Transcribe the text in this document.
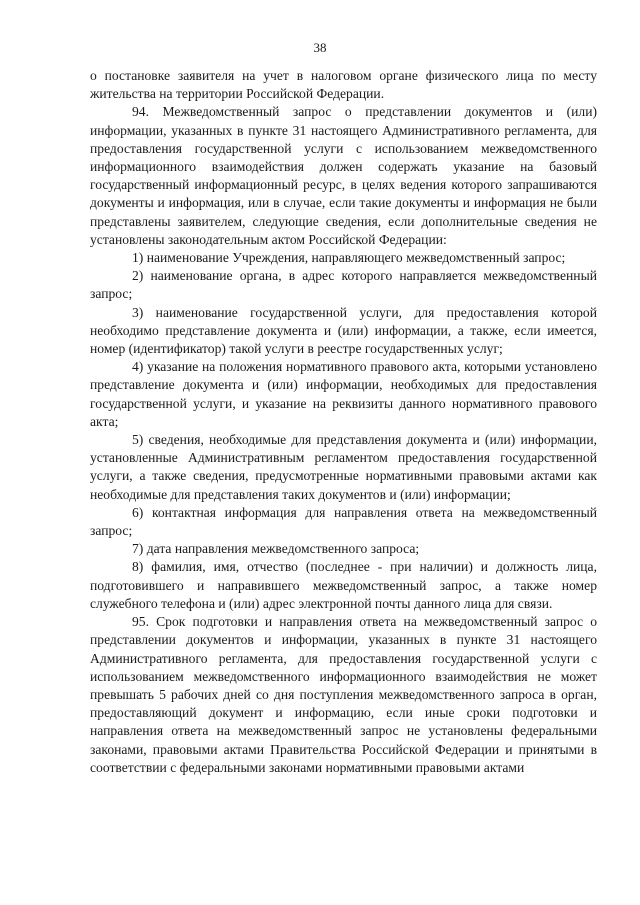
38

о постановке заявителя на учет в налоговом органе физического лица по месту жительства на территории Российской Федерации.

94. Межведомственный запрос о представлении документов и (или) информации, указанных в пункте 31 настоящего Административного регламента, для предоставления государственной услуги с использованием межведомственного информационного взаимодействия должен содержать указание на базовый государственный информационный ресурс, в целях ведения которого запрашиваются документы и информация, или в случае, если такие документы и информация не были представлены заявителем, следующие сведения, если дополнительные сведения не установлены законодательным актом Российской Федерации:

1) наименование Учреждения, направляющего межведомственный запрос;

2) наименование органа, в адрес которого направляется межведомственный запрос;

3) наименование государственной услуги, для предоставления которой необходимо представление документа и (или) информации, а также, если имеется, номер (идентификатор) такой услуги в реестре государственных услуг;

4) указание на положения нормативного правового акта, которыми установлено представление документа и (или) информации, необходимых для предоставления государственной услуги, и указание на реквизиты данного нормативного правового акта;

5) сведения, необходимые для представления документа и (или) информации, установленные Административным регламентом предоставления государственной услуги, а также сведения, предусмотренные нормативными правовыми актами как необходимые для представления таких документов и (или) информации;

6) контактная информация для направления ответа на межведомственный запрос;

7) дата направления межведомственного запроса;

8) фамилия, имя, отчество (последнее - при наличии) и должность лица, подготовившего и направившего межведомственный запрос, а также номер служебного телефона и (или) адрес электронной почты данного лица для связи.

95. Срок подготовки и направления ответа на межведомственный запрос о представлении документов и информации, указанных в пункте 31 настоящего Административного регламента, для предоставления государственной услуги с использованием межведомственного информационного взаимодействия не может превышать 5 рабочих дней со дня поступления межведомственного запроса в орган, предоставляющий документ и информацию, если иные сроки подготовки и направления ответа на межведомственный запрос не установлены федеральными законами, правовыми актами Правительства Российской Федерации и принятыми в соответствии с федеральными законами нормативными правовыми актами
